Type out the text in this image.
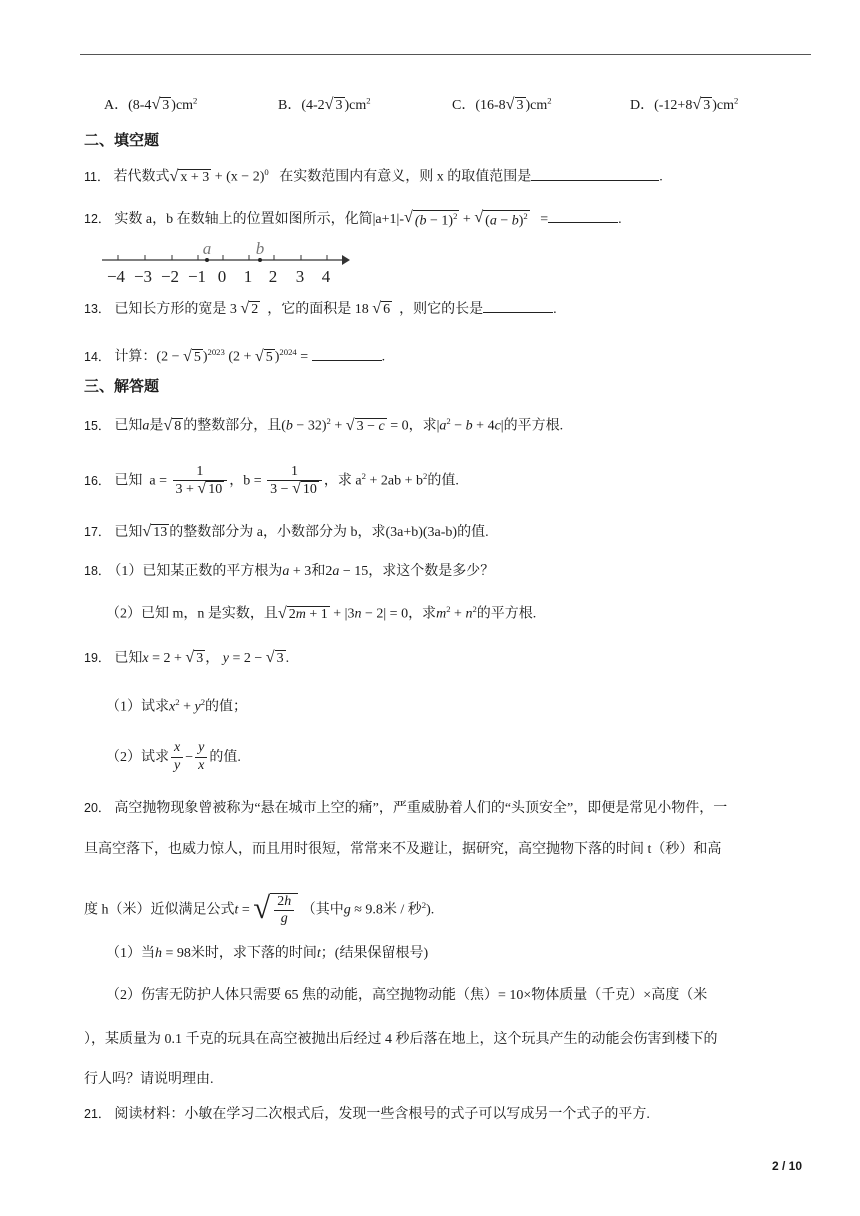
A．(8-4 √ 3 )$cm^2$	B．(4-2 √ 3 )$cm^2$	C．(16-8 √ 3 )$cm^2$	D．(-12+8 √ 3 )$cm^2$
二、填空题
11． 若代数式 √ $x + 3 + (x - 2)^0$ 在实数范围内有意义，则 x 的取值范围是	.
12． 实数 a，b 在数轴上的位置如图所示，化简|a+1|- √ $(b - 1)^2$ + √ $(a - b)^2$ =	.
−4 −3 −2 −1 0 1 2 3 4
a	b
13． 已知长方形的宽是 3 √ 2 ，它的面积是 18 √ 6 ，则它的长是	.
14． 计算：(2 − √ 5 )$^{2023}$ (2 + √ 5 )$^{2024}$ =	.
三、解答题
15． 已知a是 √ 8 的整数部分，且$(b - 32)^2$ + √ 3 − c = 0，求$|a^2 - b + 4c|$的平方根.
16． 已知  $a = \frac{1}{3 + √ 10}$ ，$b = \frac{1}{3 - √ 10}$ ，求 $a^2 + 2ab + b^2$的值.
17． 已知 √ 13 的整数部分为 a，小数部分为 b，求(3a+b)(3a-b)的值.
18． （1）已知某正数的平方根为a + 3和2a − 15，求这个数是多少？
（2）已知 m，n 是实数，且 √ 2m + 1 + |3n − 2| = 0，求$m^2 + n^2$的平方根.
19． 已知x = 2 + √ 3 ， y = 2 − √ 3 .
（1）试求$x^2 + y^2$的值；
（2）试求 $\frac{x}{y} - \frac{y}{x}$ 的值.
20． 高空抛物现象曾被称为“悬在城市上空的痛”，严重威胁着人们的“头顶安全”，即便是常见小物件，一
旦高空落下，也威力惊人，而且用时很短，常常来不及避让，据研究，高空抛物下落的时间 t（秒）和高
度 h（米）近似满足公式t = √ $\frac{2h}{g}$ （其中g ≈ 9.8米 / 秒$^2$).
（1）当h = 98米时，求下落的时间t；(结果保留根号)
（2）伤害无防护人体只需要 65 焦的动能，高空抛物动能（焦）= 10×物体质量（千克）×高度（米
），某质量为 0.1 千克的玩具在高空被抛出后经过 4 秒后落在地上，这个玩具产生的动能会伤害到楼下的
行人吗？请说明理由.
21． 阅读材料：小敏在学习二次根式后，发现一些含根号的式子可以写成另一个式子的平方.
2 / 10
